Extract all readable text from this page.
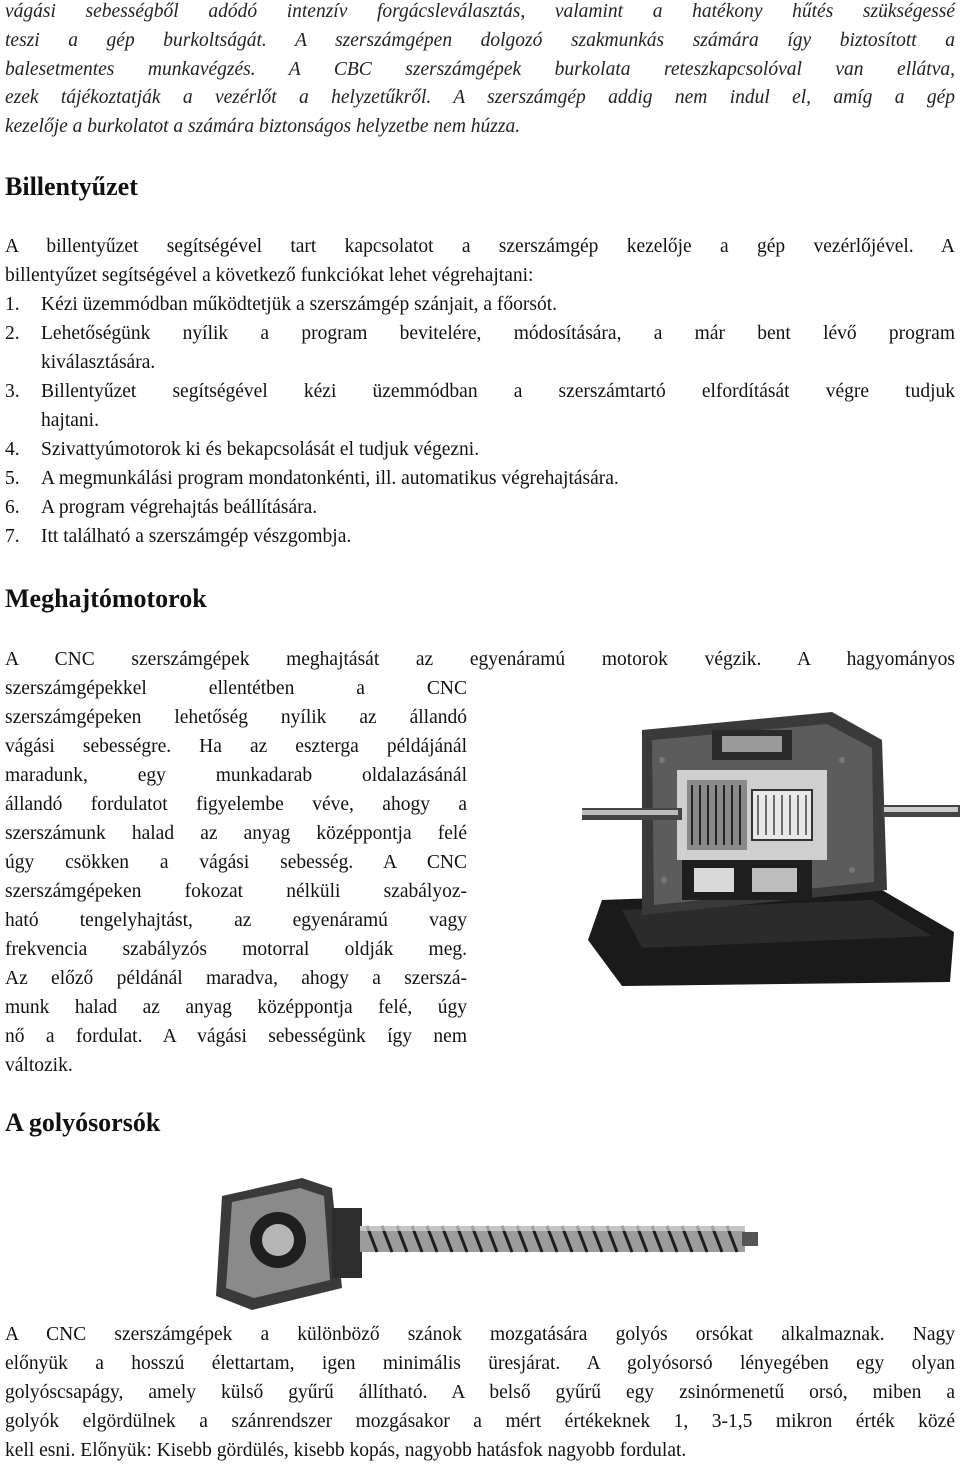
vágási sebességből adódó intenzív forgácsleválasztás, valamint a hatékony hűtés szükségessé
teszi a gép burkoltságát. A szerszámgépen dolgozó szakmunkás számára így biztosított a
balesetmentes munkavégzés. A CBC szerszámgépek burkolata reteszkapcsolóval van ellátva,
ezek tájékoztatják a vezérlőt a helyzetűkről. A szerszámgép addig nem indul el, amíg a gép
kezelője a burkolatot a számára biztonságos helyzetbe nem húzza.
Billentyűzet
A billentyűzet segítségével tart kapcsolatot a szerszámgép kezelője a gép vezérlőjével. A
billentyűzet segítségével a következő funkciókat lehet végrehajtani:
1.	Kézi üzemmódban működtetjük a szerszámgép szánjait, a főorsót.
2.	Lehetőségünk nyílik a program bevitelére, módosítására, a már bent lévő program
kiválasztására.
3.	Billentyűzet segítségével kézi üzemmódban a szerszámtartó elfordítását végre tudjuk
hajtani.
4.	Szivattyúmotorok ki és bekapcsolását el tudjuk végezni.
5.	A megmunkálási program mondatonkénti, ill. automatikus végrehajtására.
6.	A program végrehajtás beállítására.
7.	Itt található a szerszámgép vészgombja.
Meghajtómotorok
A CNC szerszámgépek meghajtását az egyenáramú motorok végzik. A hagyományos
szerszámgépekkel ellentétben a CNC
szerszámgépeken lehetőség nyílik az állandó
vágási sebességre. Ha az eszterga példájánál
maradunk, egy munkadarab oldalazásánál
állandó fordulatot figyelembe véve, ahogy a
szerszámunk halad az anyag középpontja felé
úgy csökken a vágási sebesség. A CNC
szerszámgépeken fokozat nélküli szabályoz-
ható tengelyhajtást, az egyenáramú vagy
frekvencia szabályzós motorral oldják meg.
Az előző példánál maradva, ahogy a szerszá-
munk halad az anyag középpontja felé, úgy
nő a fordulat. A vágási sebességünk így nem
változik.
A golyósorsók
A CNC szerszámgépek a különböző szánok mozgatására golyós orsókat alkalmaznak. Nagy
előnyük a hosszú élettartam, igen minimális üresjárat. A golyósorsó lényegében egy olyan
golyóscsapágy, amely külső gyűrű állítható. A belső gyűrű egy zsinórmenetű orsó, miben a
golyók elgördülnek a szánrendszer mozgásakor a mért értékeknek 1, 3-1,5 mikron érték közé
kell esni. Előnyük: Kisebb gördülés, kisebb kopás, nagyobb hatásfok nagyobb fordulat.
